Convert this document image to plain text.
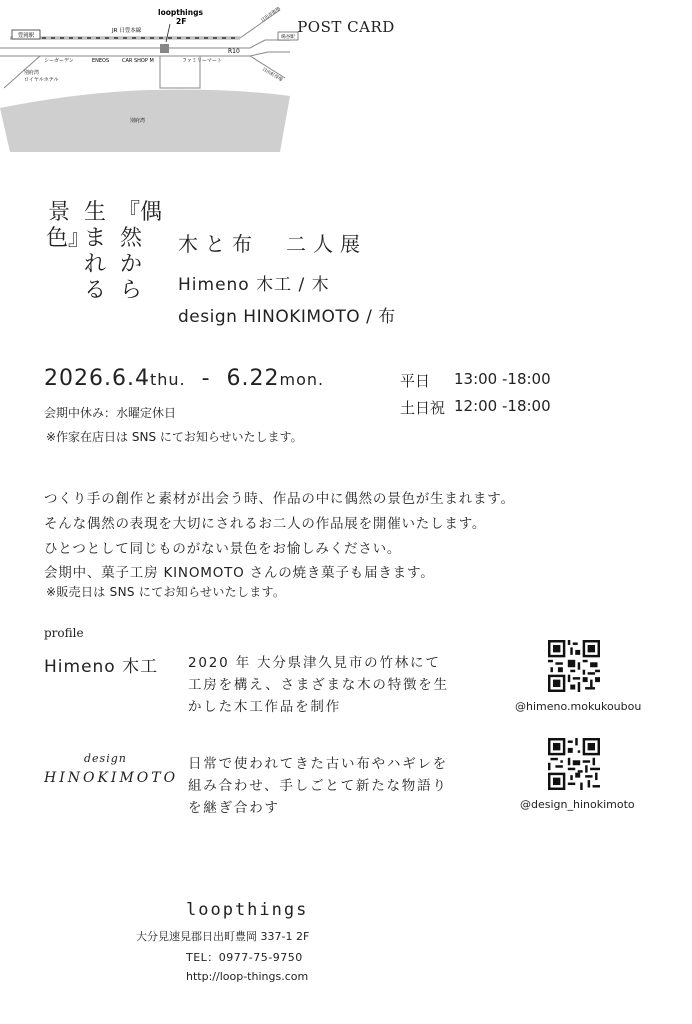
POST CARD
『偶然から
生まれる
景色』	木と布　二人展
Himeno 木工 / 木
design HINOKIMOTO / 布
2026.6.4thu.  -  6.22mon.
会期中休み：水曜定休日
※作家在店日は SNS にてお知らせいたします。
平日 13:00 -18:00
土日祝 12:00 -18:00
つくり手の創作と素材が出会う時、作品の中に偶然の景色が生まれます。
そんな偶然の表現を大切にされるお二人の作品展を開催いたします。
ひとつとして同じものがない景色をお愉しみください。
会期中、菓子工房 KINOMOTO さんの焼き菓子も届きます。
※販売日は SNS にてお知らせいたします。
profile
Himeno 木工 2020 年 大分県津久見市の竹林にて
工房を構え、さまざまな木の特徴を生
かした木工作品を制作	@himeno.mokukoubou
design
HINOKIMOTO
日常で使われてきた古い布やハギレを
組み合わせ、手しごとて新たな物語り
を継ぎ合わす	@design_hinokimoto
loopthings
大分見速見郡日出町豊岡 337-1 2F
TEL：0977-75-9750
http://loop-things.com
豊岡駅
JR 日豊本線
loopthings
2F
シーガーデン	ENEOS	CAR SHOP M	ファミリーマート
R10
別府湾
ロイヤルホテル
日出市街地
暘谷駅
日出町役場
別府湾
